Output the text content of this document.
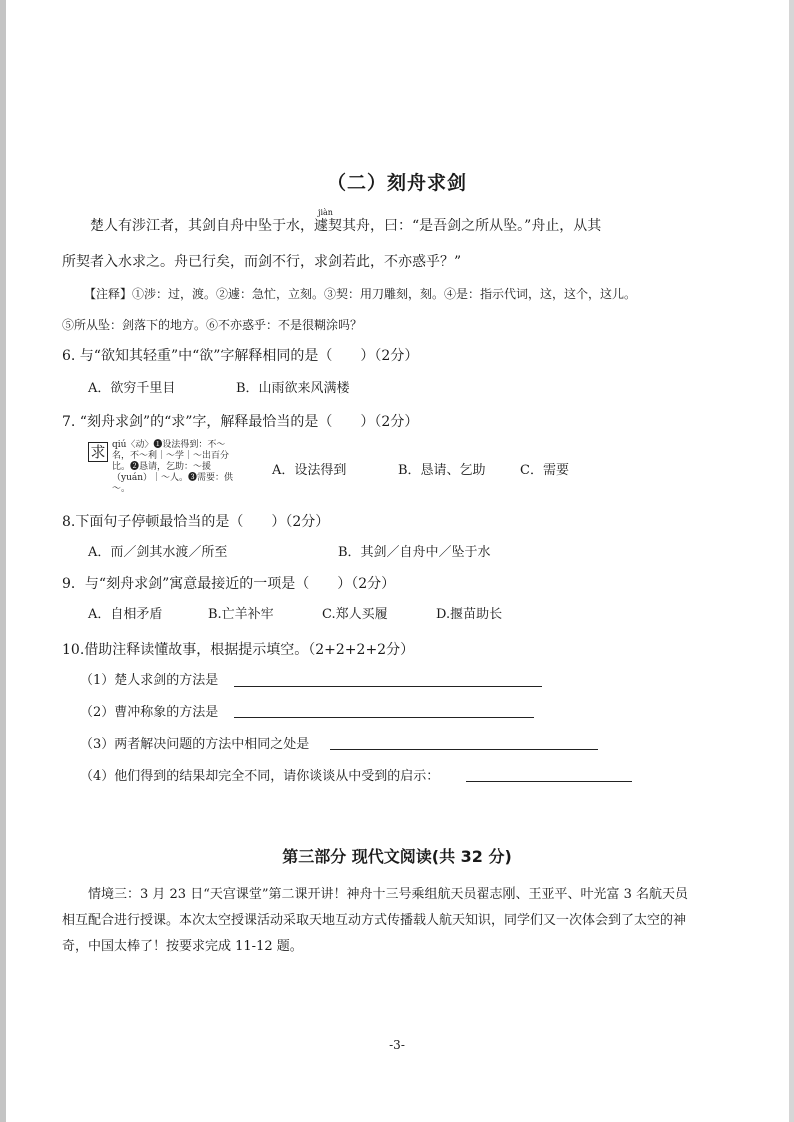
（二）刻舟求剑
jiàn
楚人有涉江者，其剑自舟中坠于水，遽契其舟，曰：“是吾剑之所从坠。”舟止，从其
所契者入水求之。舟已行矣，而剑不行，求剑若此，不亦惑乎？”
【注释】①涉：过，渡。②遽：急忙，立刻。③契：用刀雕刻，刻。④是：指示代词，这，这个，这儿。
⑤所从坠：剑落下的地方。⑥不亦惑乎：不是很糊涂吗？
6. 与“欲知其轻重”中“欲”字解释相同的是（　　）（2分）
A．欲穷千里目	B．山雨欲来风满楼
7. “刻舟求剑”的“求”字，解释最恰当的是（　　）（2分）
求 qiú〈动〉❶设法得到：不～名，不～利｜～学｜～出百分比。❷恳请，乞助：～援（yuán）｜～人。❸需要：供～。
A．设法得到	B．恳请、乞助	C．需要
8.下面句子停顿最恰当的是（　　）（2分）
A．而／剑其水渡／所至	B．其剑／自舟中／坠于水
9．与“刻舟求剑”寓意最接近的一项是（　　）（2分）
A．自相矛盾	B.亡羊补牢	C.郑人买履	D.揠苗助长
10.借助注释读懂故事，根据提示填空。（2+2+2+2分）
（1）楚人求剑的方法是
（2）曹冲称象的方法是
（3）两者解决问题的方法中相同之处是
（4）他们得到的结果却完全不同，请你谈谈从中受到的启示：
第三部分 现代文阅读(共 32 分)
情境三：3 月 23 日“天宫课堂”第二课开讲！神舟十三号乘组航天员翟志刚、王亚平、叶光富 3 名航天员相互配合进行授课。本次太空授课活动采取天地互动方式传播载人航天知识，同学们又一次体会到了太空的神奇，中国太棒了！按要求完成 11-12 题。
-3-
